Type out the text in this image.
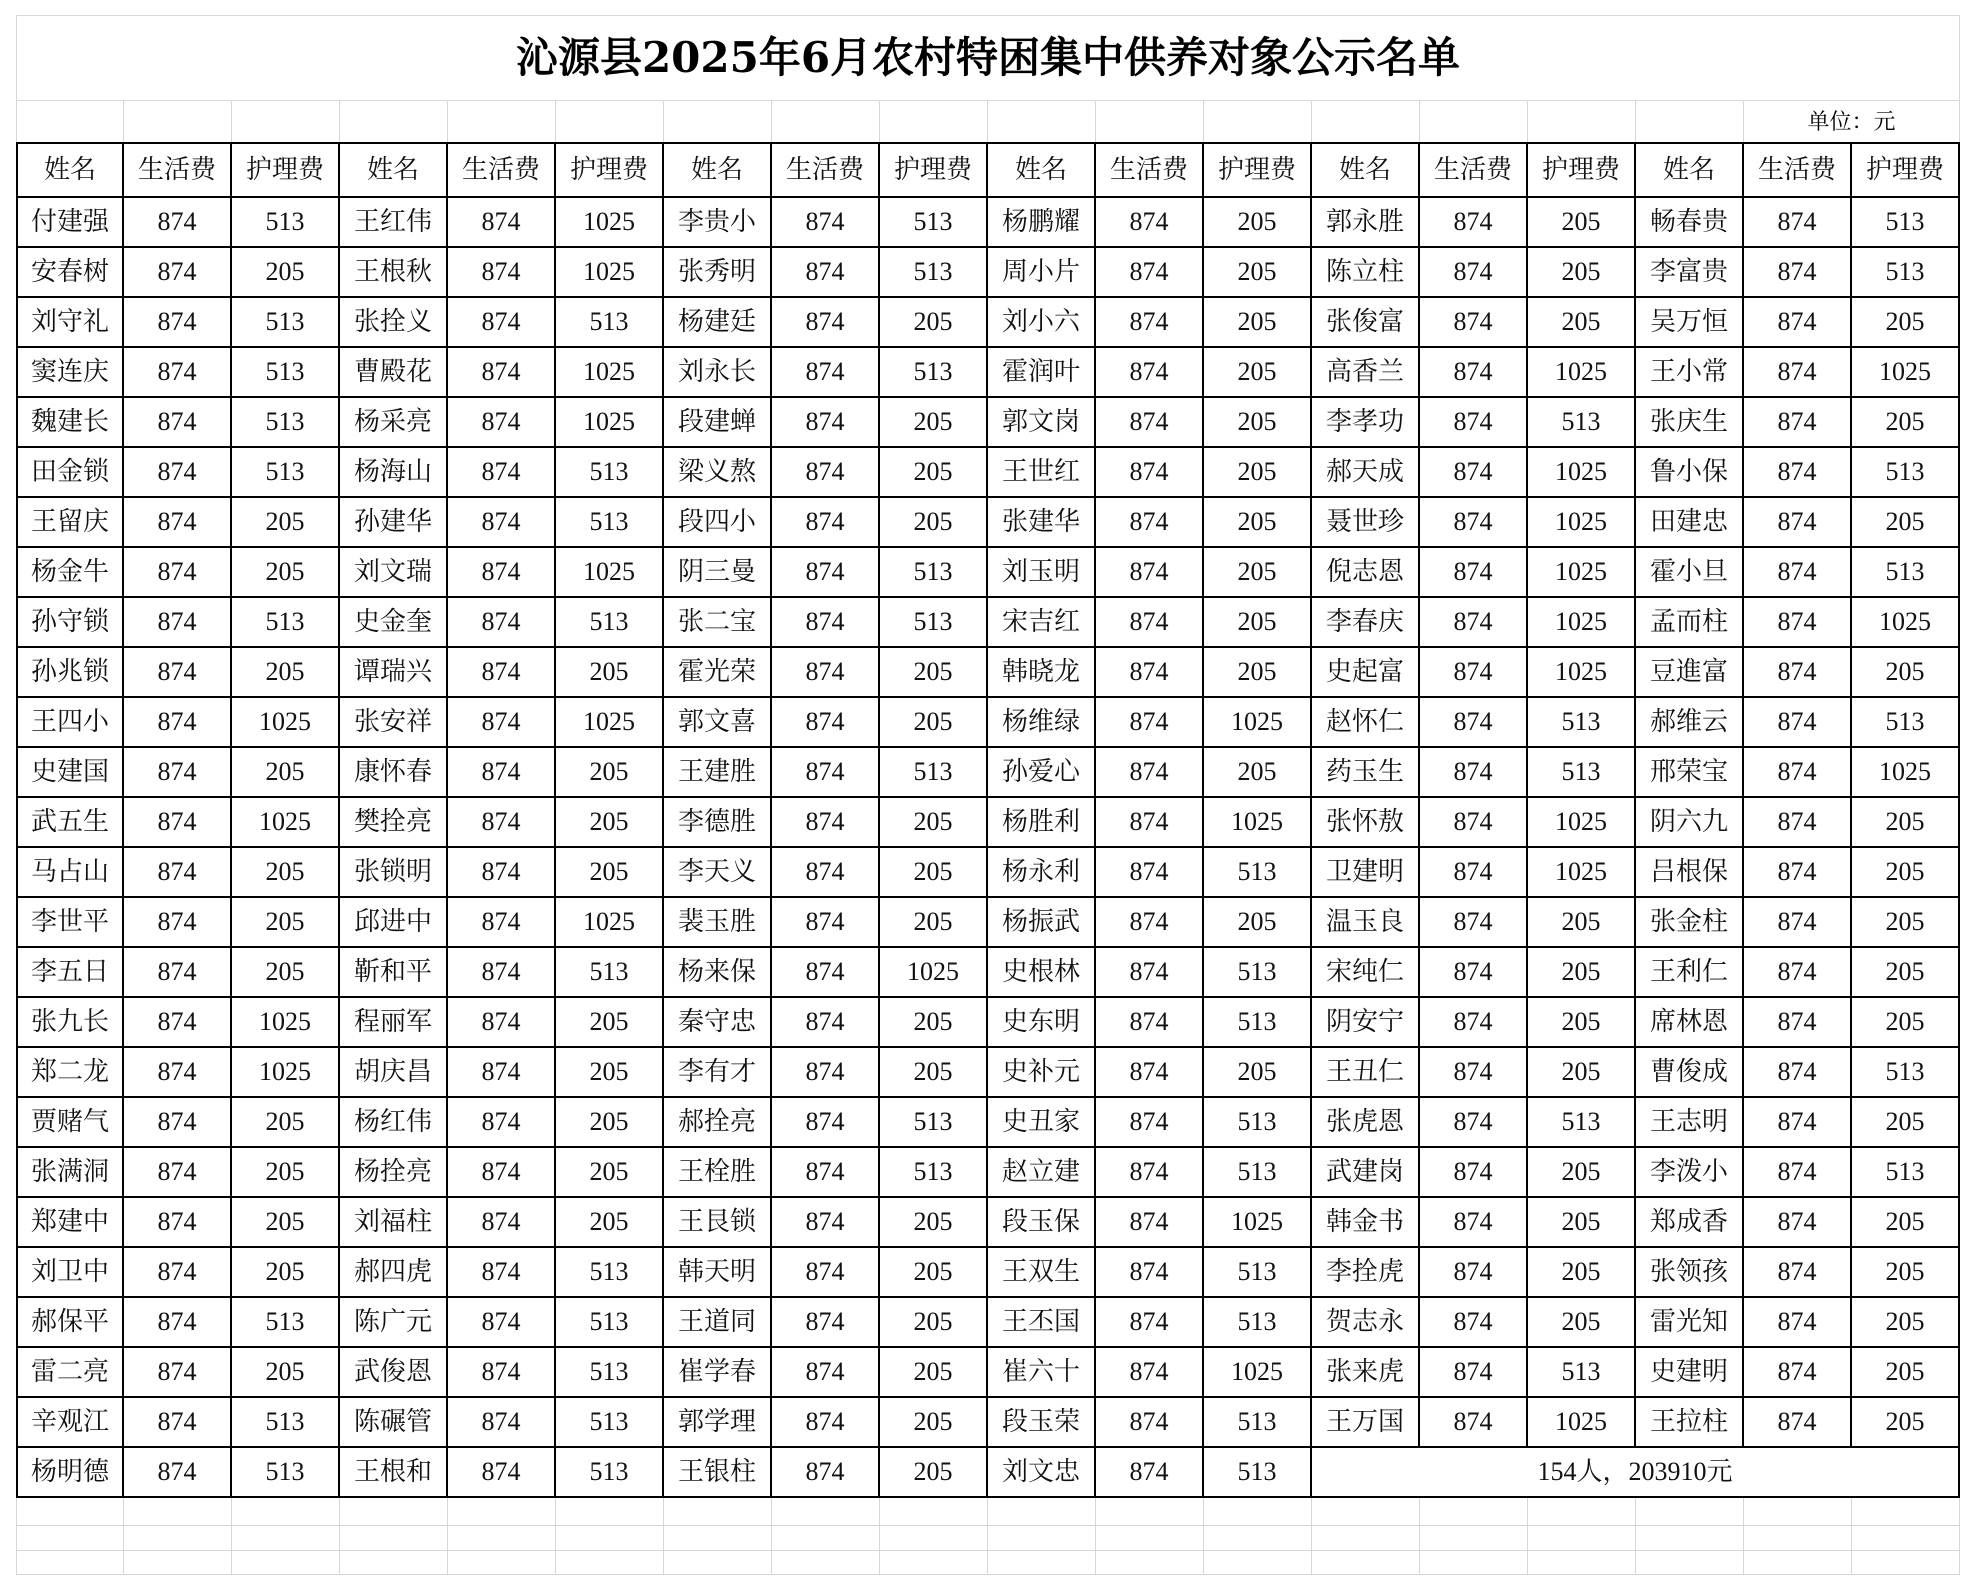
沁源县2025年6月农村特困集中供养对象公示名单
单位：元
姓名	生活费	护理费	姓名	生活费	护理费	姓名	生活费	护理费	姓名	生活费	护理费	姓名	生活费	护理费	姓名	生活费	护理费
付建强	874	513	王红伟	874	1025	李贵小	874	513	杨鹏耀	874	205	郭永胜	874	205	畅春贵	874	513
安春树	874	205	王根秋	874	1025	张秀明	874	513	周小片	874	205	陈立柱	874	205	李富贵	874	513
刘守礼	874	513	张拴义	874	513	杨建廷	874	205	刘小六	874	205	张俊富	874	205	吴万恒	874	205
窦连庆	874	513	曹殿花	874	1025	刘永长	874	513	霍润叶	874	205	高香兰	874	1025	王小常	874	1025
魏建长	874	513	杨采亮	874	1025	段建蝉	874	205	郭文岗	874	205	李孝功	874	513	张庆生	874	205
田金锁	874	513	杨海山	874	513	梁义熬	874	205	王世红	874	205	郝天成	874	1025	鲁小保	874	513
王留庆	874	205	孙建华	874	513	段四小	874	205	张建华	874	205	聂世珍	874	1025	田建忠	874	205
杨金牛	874	205	刘文瑞	874	1025	阴三曼	874	513	刘玉明	874	205	倪志恩	874	1025	霍小旦	874	513
孙守锁	874	513	史金奎	874	513	张二宝	874	513	宋吉红	874	205	李春庆	874	1025	孟而柱	874	1025
孙兆锁	874	205	谭瑞兴	874	205	霍光荣	874	205	韩晓龙	874	205	史起富	874	1025	豆進富	874	205
王四小	874	1025	张安祥	874	1025	郭文喜	874	205	杨维绿	874	1025	赵怀仁	874	513	郝维云	874	513
史建国	874	205	康怀春	874	205	王建胜	874	513	孙爱心	874	205	药玉生	874	513	邢荣宝	874	1025
武五生	874	1025	樊拴亮	874	205	李德胜	874	205	杨胜利	874	1025	张怀敖	874	1025	阴六九	874	205
马占山	874	205	张锁明	874	205	李天义	874	205	杨永利	874	513	卫建明	874	1025	吕根保	874	205
李世平	874	205	邱进中	874	1025	裴玉胜	874	205	杨振武	874	205	温玉良	874	205	张金柱	874	205
李五日	874	205	靳和平	874	513	杨来保	874	1025	史根林	874	513	宋纯仁	874	205	王利仁	874	205
张九长	874	1025	程丽军	874	205	秦守忠	874	205	史东明	874	513	阴安宁	874	205	席林恩	874	205
郑二龙	874	1025	胡庆昌	874	205	李有才	874	205	史补元	874	205	王丑仁	874	205	曹俊成	874	513
贾赌气	874	205	杨红伟	874	205	郝拴亮	874	513	史丑家	874	513	张虎恩	874	513	王志明	874	205
张满洞	874	205	杨拴亮	874	205	王栓胜	874	513	赵立建	874	513	武建岗	874	205	李泼小	874	513
郑建中	874	205	刘福柱	874	205	王艮锁	874	205	段玉保	874	1025	韩金书	874	205	郑成香	874	205
刘卫中	874	205	郝四虎	874	513	韩天明	874	205	王双生	874	513	李拴虎	874	205	张领孩	874	205
郝保平	874	513	陈广元	874	513	王道同	874	205	王丕国	874	513	贺志永	874	205	雷光知	874	205
雷二亮	874	205	武俊恩	874	513	崔学春	874	205	崔六十	874	1025	张来虎	874	513	史建明	874	205
辛观江	874	513	陈碾管	874	513	郭学理	874	205	段玉荣	874	513	王万国	874	1025	王拉柱	874	205
杨明德	874	513	王根和	874	513	王银柱	874	205	刘文忠	874	513	154人，203910元
